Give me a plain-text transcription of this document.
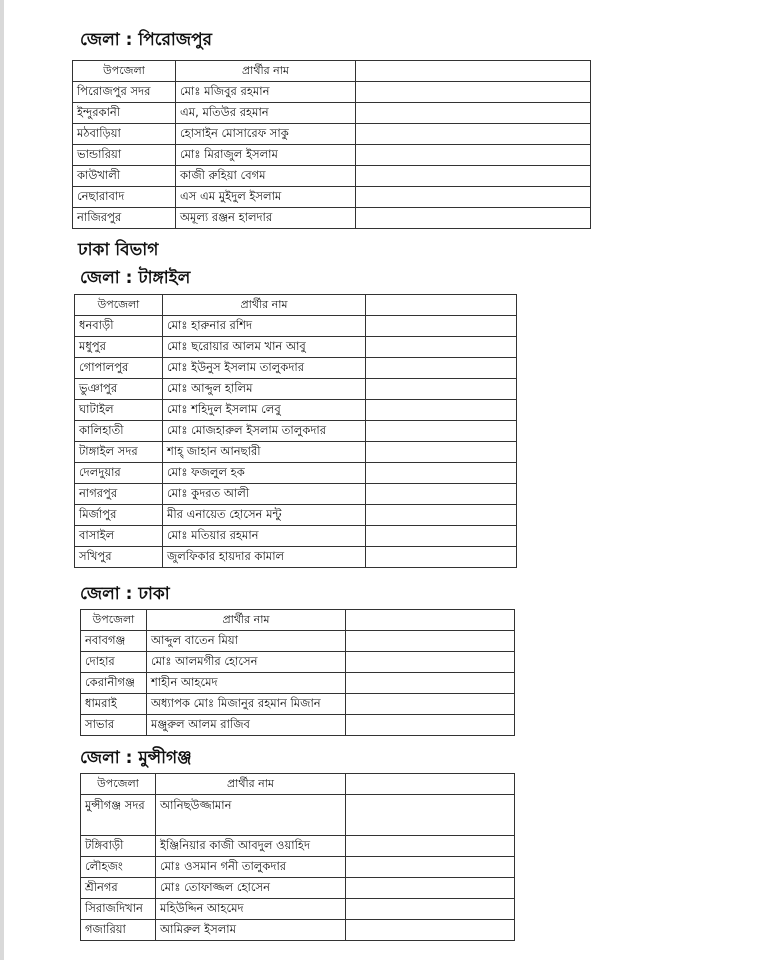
জেলা : পিরোজপুর
উপজেলা	প্রার্থীর নাম	
পিরোজপুর সদর	মোঃ মজিবুর রহমান	
ইন্দুরকানী	এম, মতিউর রহমান	
মঠবাড়িয়া	হোসাইন মোসারেফ সাকু	
ভান্ডারিয়া	মোঃ মিরাজুল ইসলাম	
কাউখালী	কাজী রুহিয়া বেগম	
নেছারাবাদ	এস এম মুইদুল ইসলাম	
নাজিরপুর	অমূল্য রঞ্জন হালদার	
ঢাকা বিভাগ
জেলা : টাঙ্গাইল
উপজেলা	প্রার্থীর নাম	
ধনবাড়ী	মোঃ হারুনার রশিদ	
মধুপুর	মোঃ ছরোয়ার আলম খান আবু	
গোপালপুর	মোঃ ইউনুস ইসলাম তালুকদার	
ভুঞাপুর	মোঃ আব্দুল হালিম	
ঘাটাইল	মোঃ শহিদুল ইসলাম লেবু	
কালিহাতী	মোঃ মোজহারুল ইসলাম তালুকদার	
টাঙ্গাইল সদর	শাহ্ জাহান আনছারী	
দেলদুয়ার	মোঃ ফজলুল হক	
নাগরপুর	মোঃ কুদরত আলী	
মির্জাপুর	মীর এনায়েত হোসেন মন্টু	
বাসাইল	মোঃ মতিয়ার রহমান	
সখিপুর	জুলফিকার হায়দার কামাল	
জেলা : ঢাকা
উপজেলা	প্রার্থীর নাম	
নবাবগঞ্জ	আব্দুল বাতেন মিয়া	
দোহার	মোঃ আলমগীর হোসেন	
কেরানীগঞ্জ	শাহীন আহমেদ	
ধামরাই	অধ্যাপক মোঃ মিজানুর রহমান মিজান	
সাভার	মঞ্জুরুল আলম রাজিব	
জেলা : মুন্সীগঞ্জ
উপজেলা	প্রার্থীর নাম	
মুন্সীগঞ্জ সদর	আনিছউজ্জামান	
টঙ্গিবাড়ী	ইঞ্জিনিয়ার কাজী আবদুল ওয়াহিদ	
লৌহজং	মোঃ ওসমান গনী তালুকদার	
শ্রীনগর	মোঃ তোফাজ্জল হোসেন	
সিরাজদিখান	মহিউদ্দিন আহমেদ	
গজারিয়া	আমিরুল ইসলাম	
